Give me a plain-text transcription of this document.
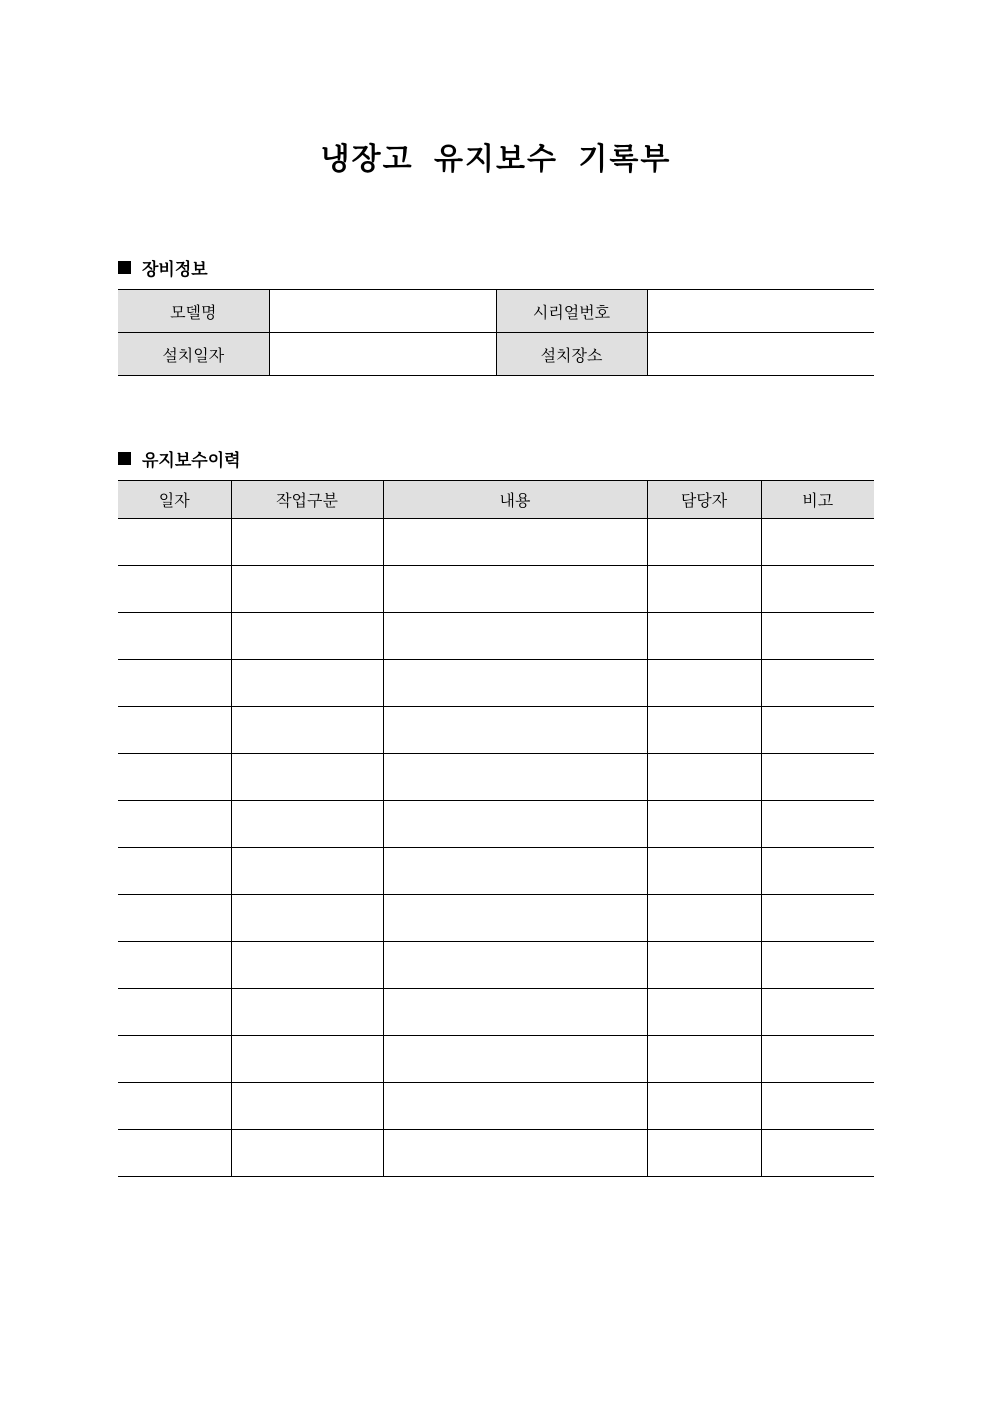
냉장고 유지보수 기록부
장비정보
모델명		시리얼번호	
설치일자		설치장소	
유지보수이력
일자	작업구분	내용	담당자	비고
